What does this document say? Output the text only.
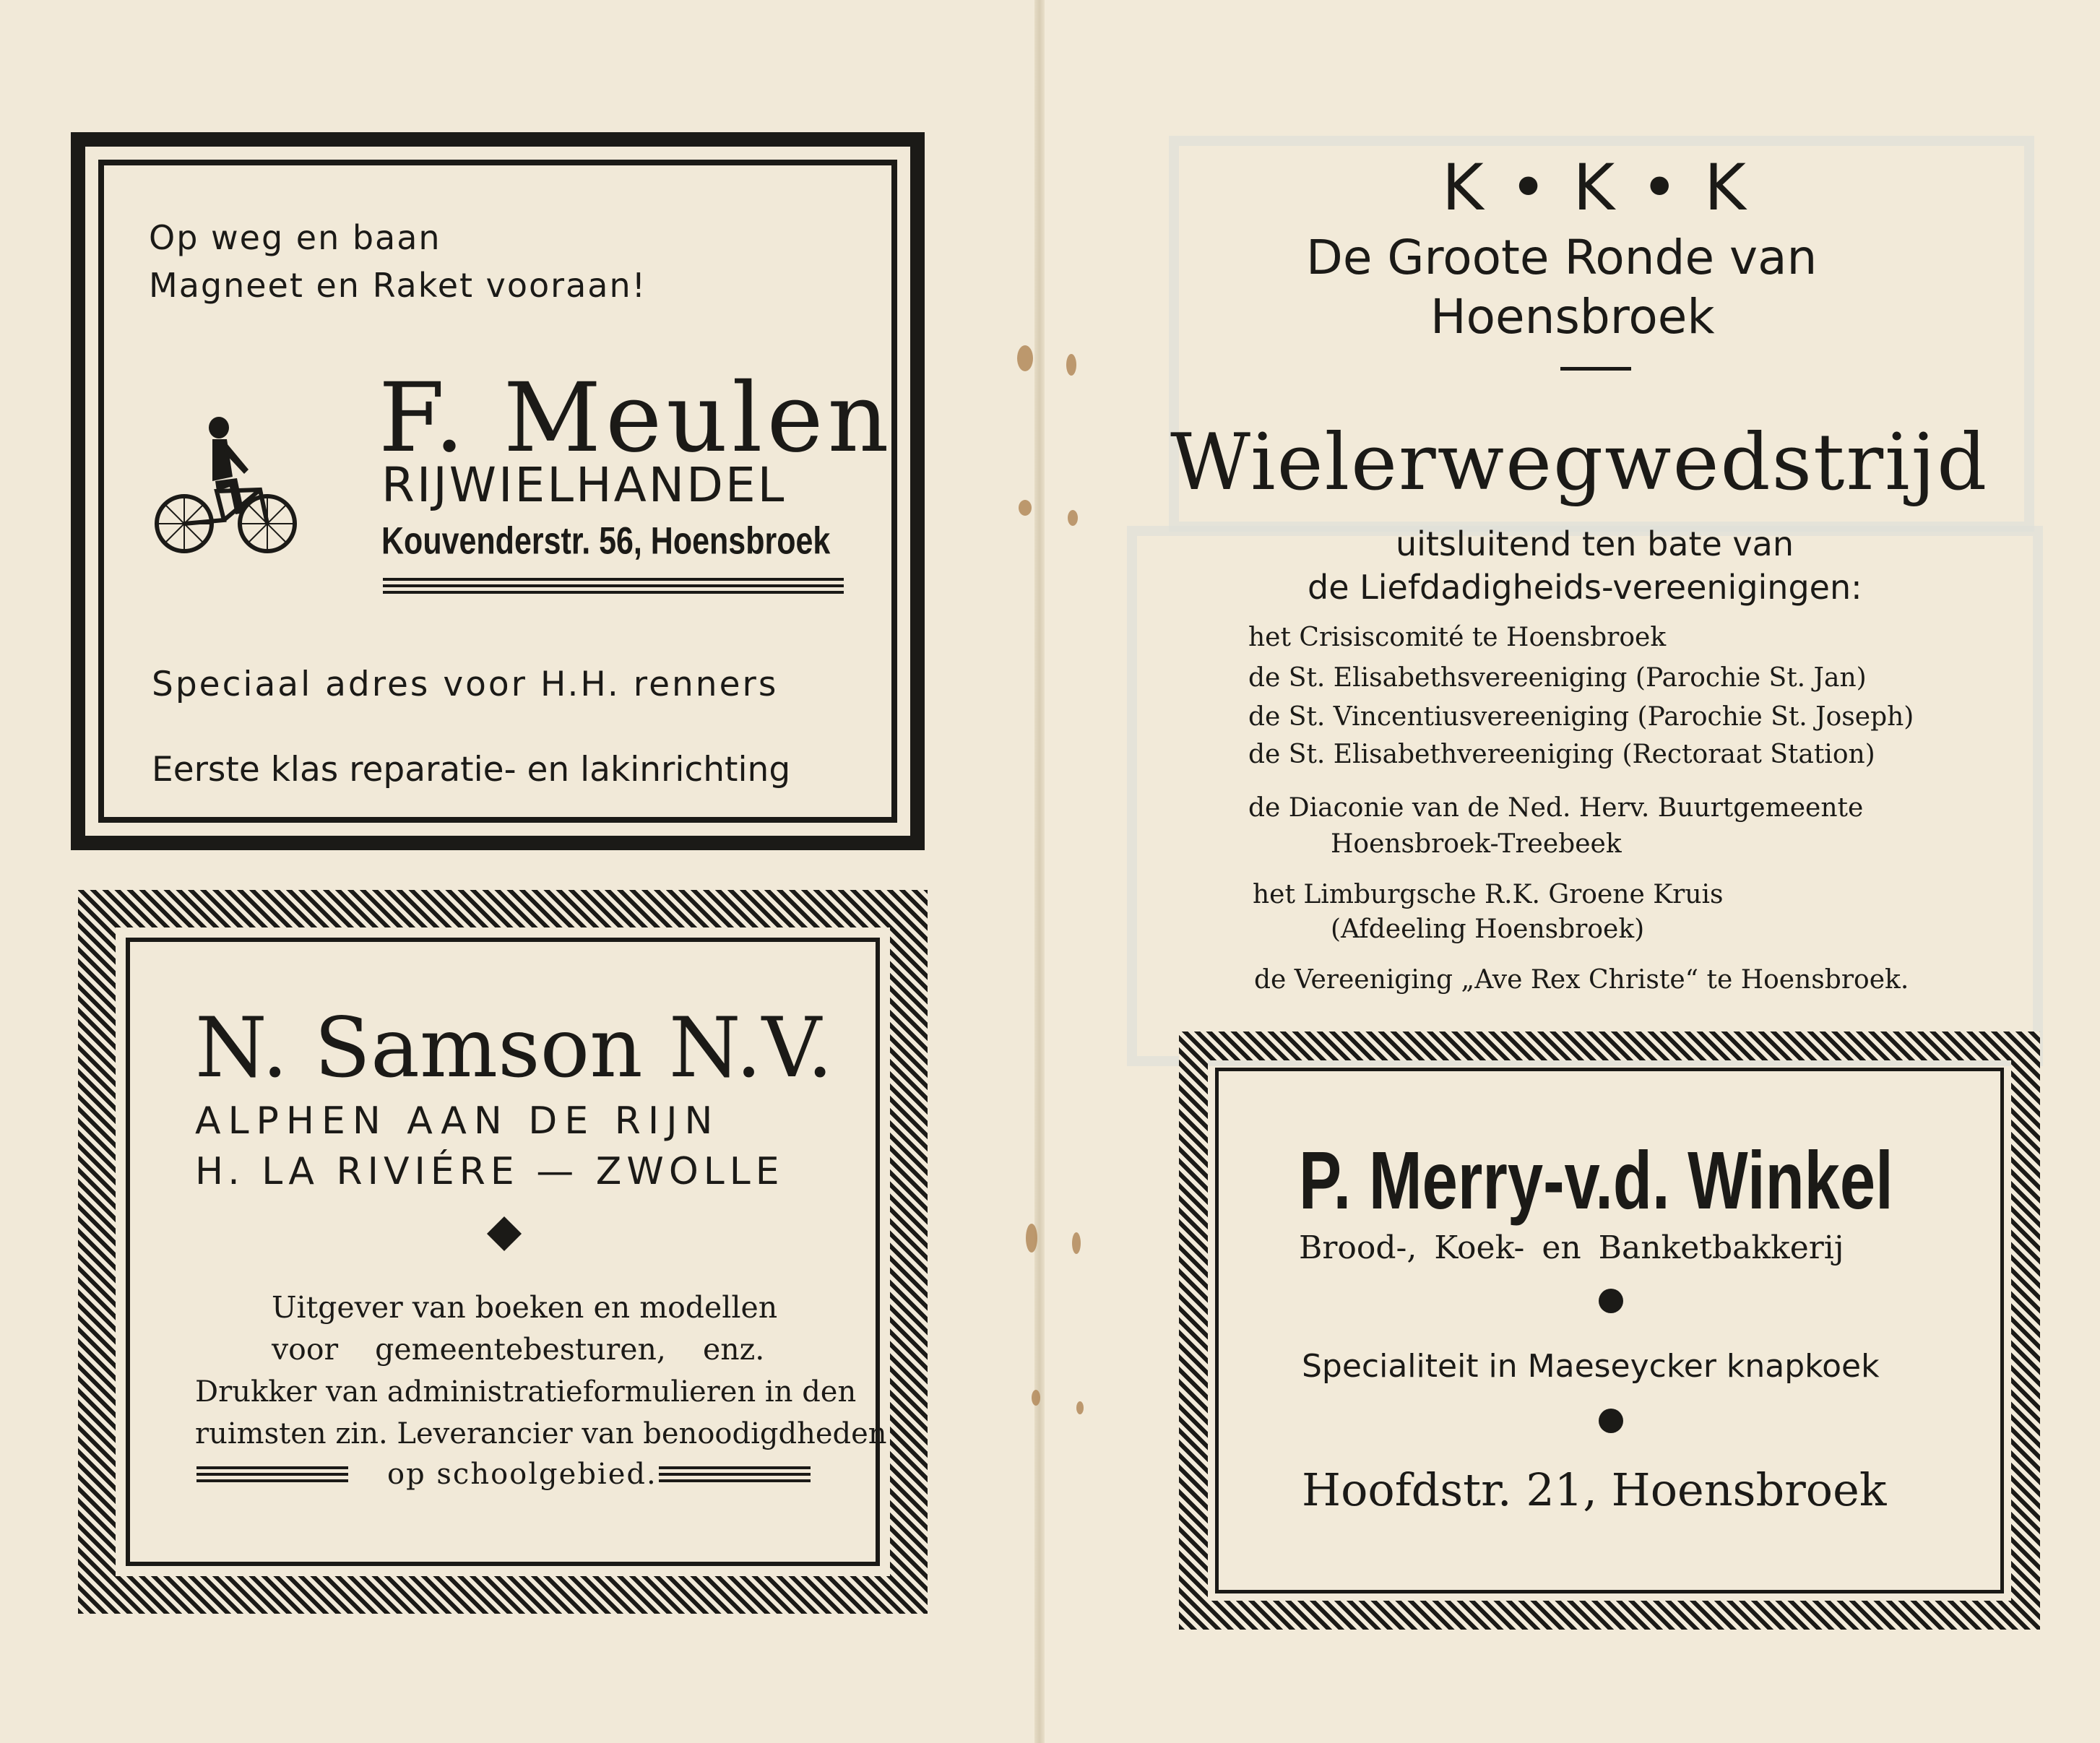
Op weg en baan
Magneet en Raket vooraan!
F. Meulen
RIJWIELHANDEL
Kouvenderstr. 56, Hoensbroek
Speciaal adres voor H.H. renners
Eerste klas reparatie- en lakinrichting
N. Samson N.V.
ALPHEN AAN DE RIJN
H. LA RIVIÉRE — ZWOLLE
Uitgever van boeken en modellen
voor gemeentebesturen, enz.
Drukker van administratieformulieren in den
ruimsten zin. Leverancier van benoodigdheden
op schoolgebied.
K • K • K
De Groote Ronde van
Hoensbroek
Wielerwegwedstrijd
uitsluitend ten bate van
de Liefdadigheids-vereenigingen:
het Crisiscomité te Hoensbroek
de St. Elisabethsvereeniging (Parochie St. Jan)
de St. Vincentiusvereeniging (Parochie St. Joseph)
de St. Elisabethvereeniging (Rectoraat Station)
de Diaconie van de Ned. Herv. Buurtgemeente
Hoensbroek-Treebeek
het Limburgsche R.K. Groene Kruis
(Afdeeling Hoensbroek)
de Vereeniging „Ave Rex Christe“ te Hoensbroek.
P. Merry-v.d. Winkel
Brood-, Koek- en Banketbakkerij
Specialiteit in Maeseycker knapkoek
Hoofdstr. 21, Hoensbroek
